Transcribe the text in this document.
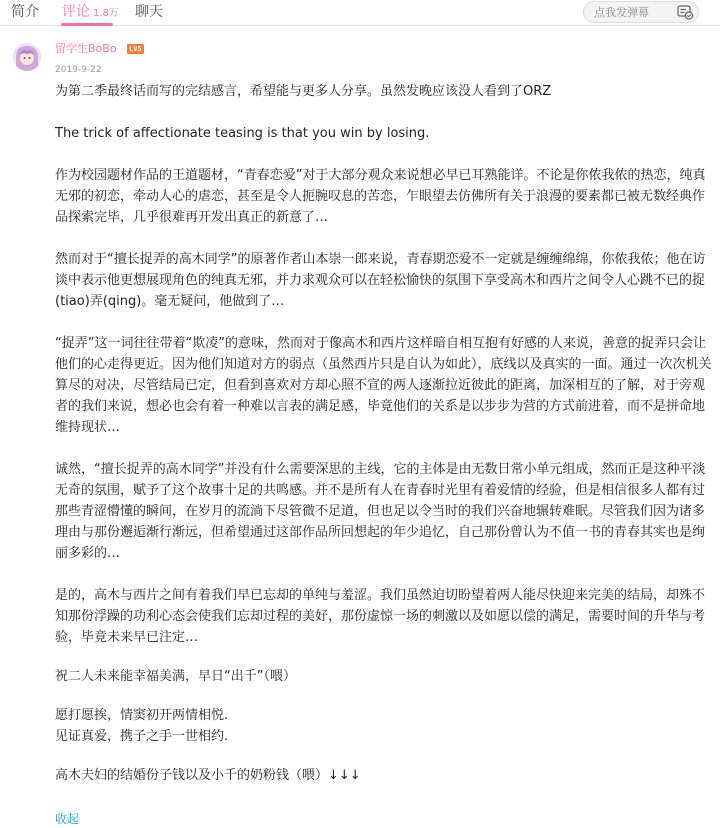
简介 评论 1.8万 聊天
点我发弹幕
留学生BoBo LV5
2019-9-22

为第二季最终话而写的完结感言，希望能与更多人分享。虽然发晚应该没人看到了ORZ

The trick of affectionate teasing is that you win by losing.

作为校园题材作品的王道题材，“青春恋爱”对于大部分观众来说想必早已耳熟能详。不论是你侬我侬的热恋，纯真无邪的初恋，牵动人心的虐恋，甚至是令人扼腕叹息的苦恋，乍眼望去仿佛所有关于浪漫的要素都已被无数经典作品探索完毕，几乎很难再开发出真正的新意了…

然而对于“擅长捉弄的高木同学”的原著作者山本崇一郎来说，青春期恋爱不一定就是缠缠绵绵，你侬我侬；他在访谈中表示他更想展现角色的纯真无邪，并力求观众可以在轻松愉快的氛围下享受高木和西片之间令人心跳不已的捉(tiao)弄(qing)。毫无疑问，他做到了…

“捉弄”这一词往往带着“欺凌”的意味，然而对于像高木和西片这样暗自相互抱有好感的人来说，善意的捉弄只会让他们的心走得更近。因为他们知道对方的弱点（虽然西片只是自认为如此），底线以及真实的一面。通过一次次机关算尽的对决，尽管结局已定，但看到喜欢对方却心照不宣的两人逐渐拉近彼此的距离，加深相互的了解，对于旁观者的我们来说，想必也会有着一种难以言表的满足感，毕竟他们的关系是以步步为营的方式前进着，而不是拼命地维持现状…

诚然，“擅长捉弄的高木同学”并没有什么需要深思的主线，它的主体是由无数日常小单元组成，然而正是这种平淡无奇的氛围，赋予了这个故事十足的共鸣感。并不是所有人在青春时光里有着爱情的经验，但是相信很多人都有过那些青涩懵懂的瞬间，在岁月的流淌下尽管微不足道，但也足以令当时的我们兴奋地辗转难眠。尽管我们因为诸多理由与那份邂逅渐行渐远，但希望通过这部作品所回想起的年少追忆，自己那份曾认为不值一书的青春其实也是绚丽多彩的…

是的，高木与西片之间有着我们早已忘却的单纯与羞涩。我们虽然迫切盼望着两人能尽快迎来完美的结局，却殊不知那份浮躁的功利心态会使我们忘却过程的美好，那份虚惊一场的刺激以及如愿以偿的满足，需要时间的升华与考验，毕竟未来早已注定…

祝二人未来能幸福美满，早日“出千”（喂）

愿打愿挨，情窦初开两情相悦.

见证真爱，携子之手一世相约.

高木夫妇的结婚份子钱以及小千的奶粉钱（喂）↓↓↓

收起
